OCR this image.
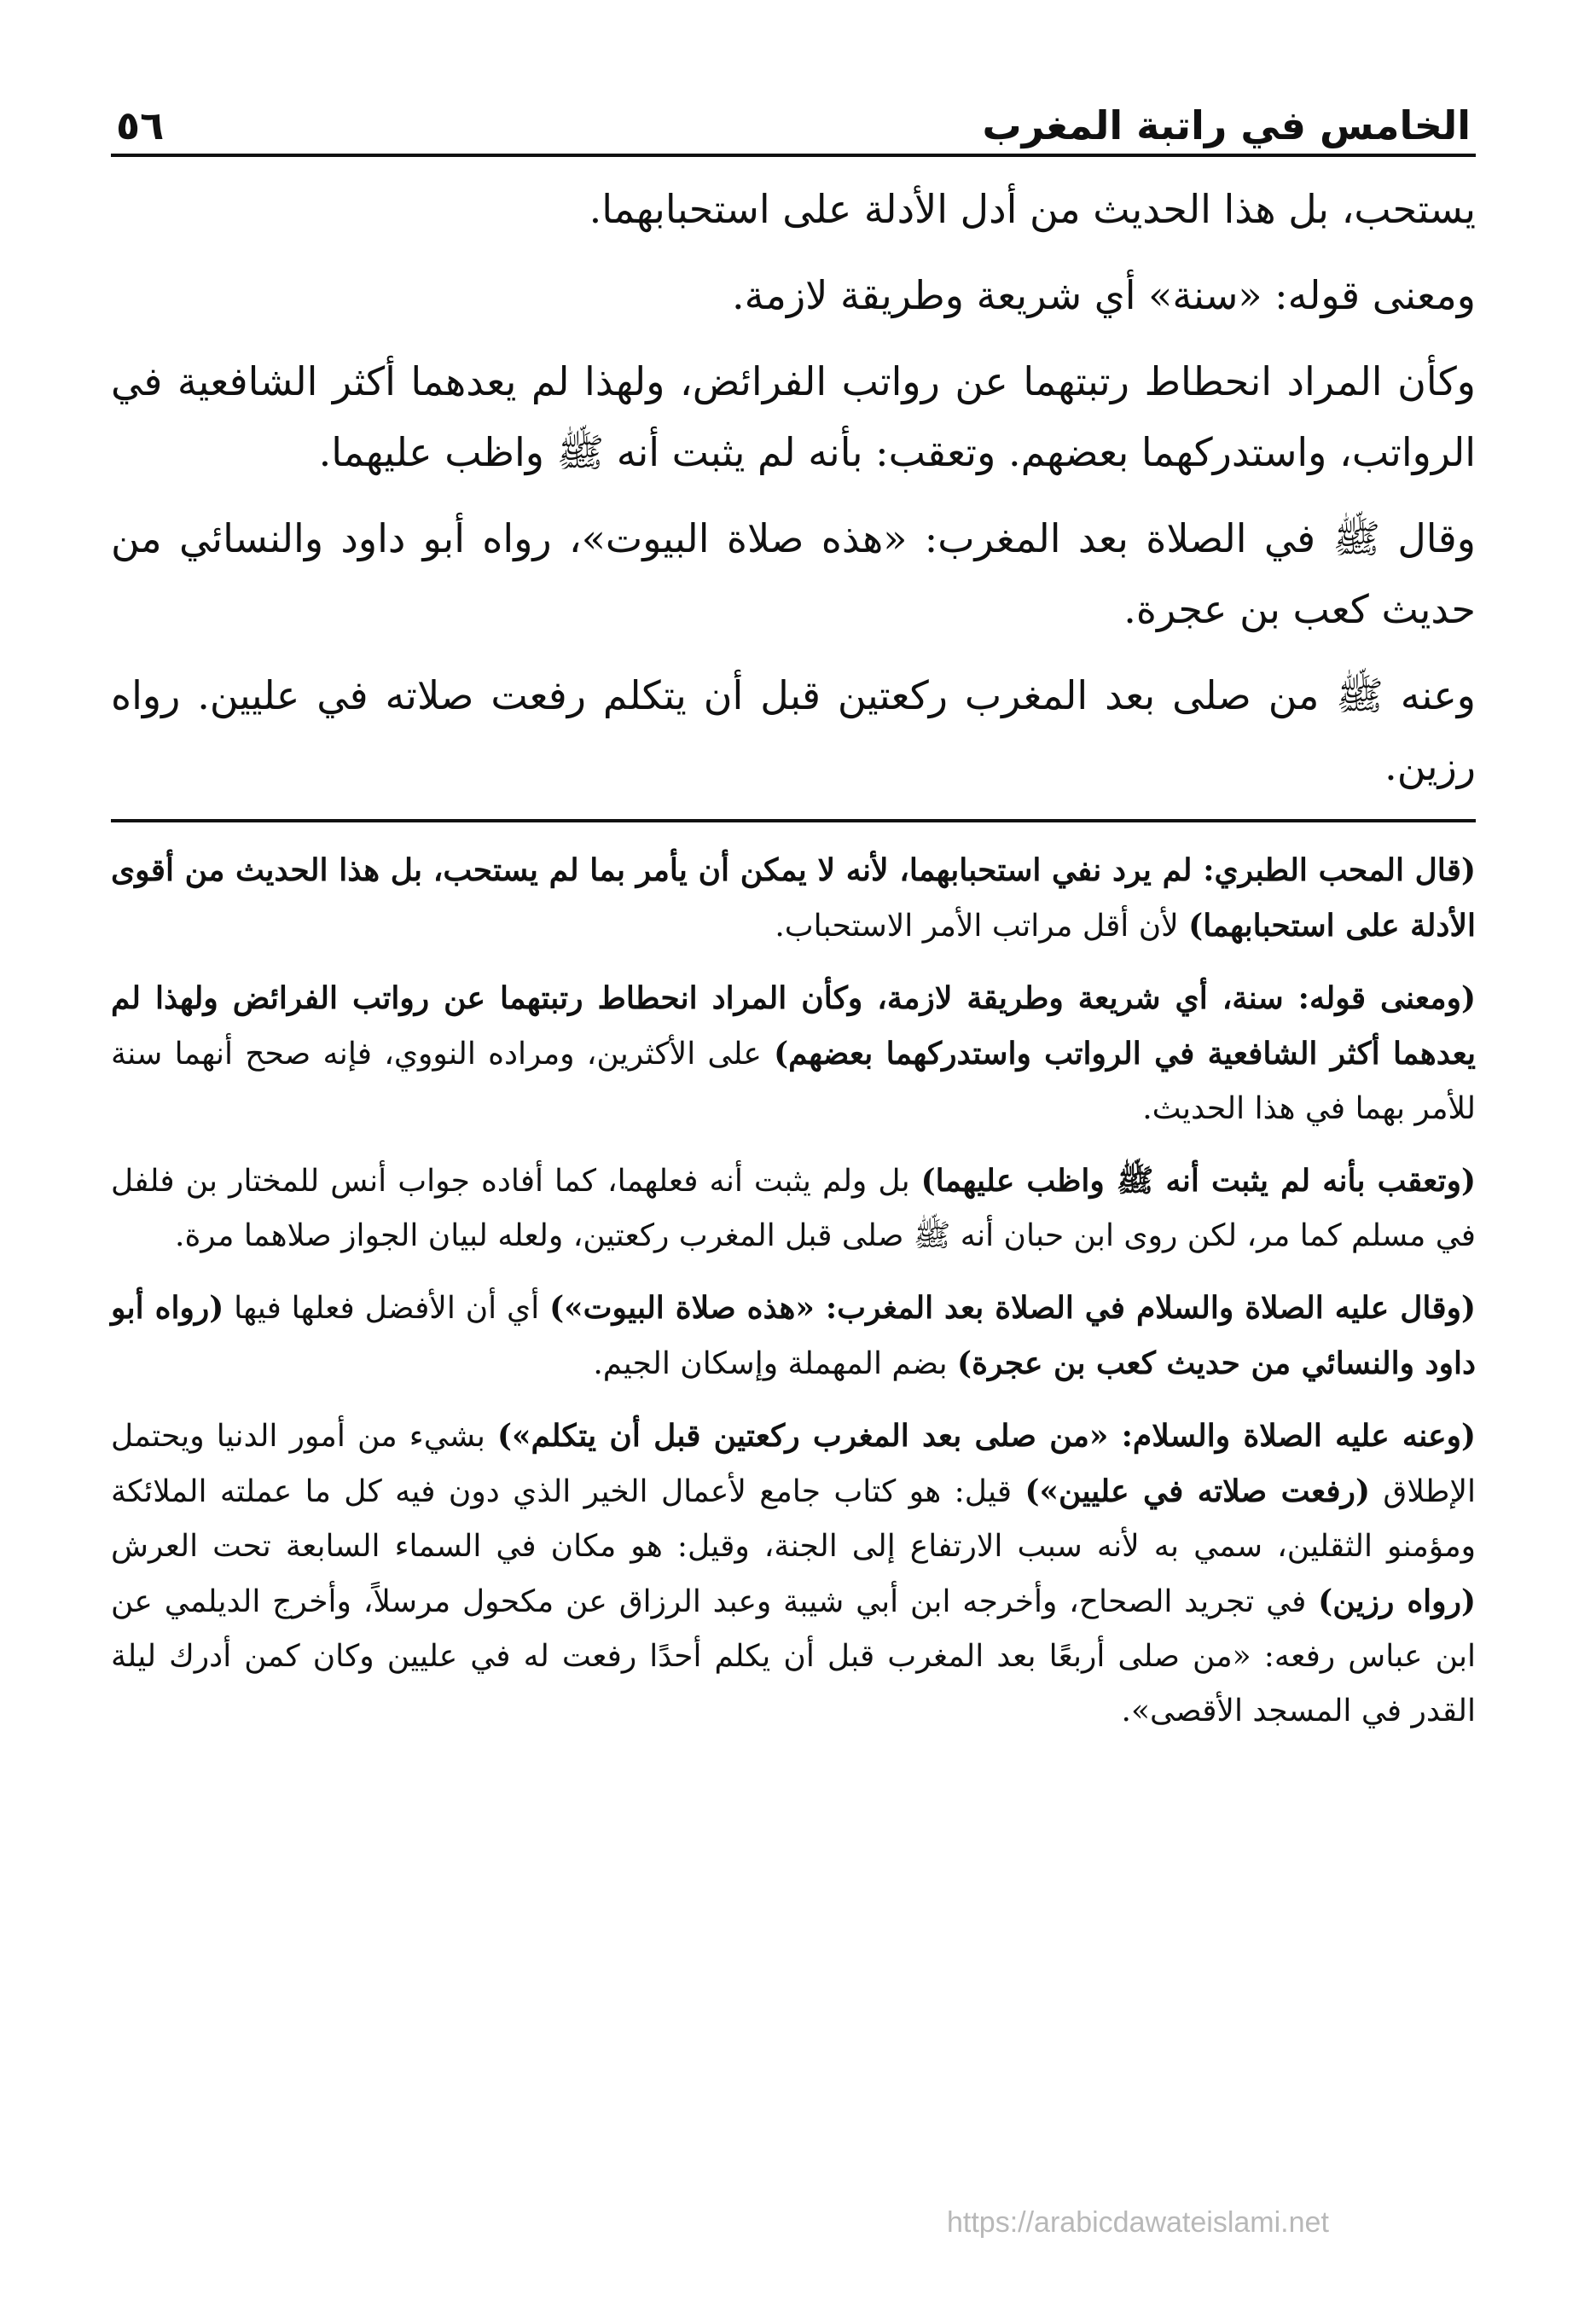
الخامس في راتبة المغرب
٥٦

يستحب، بل هذا الحديث من أدل الأدلة على استحبابهما.

ومعنى قوله: «سنة» أي شريعة وطريقة لازمة.

وكأن المراد انحطاط رتبتهما عن رواتب الفرائض، ولهذا لم يعدهما أكثر الشافعية في الرواتب، واستدركهما بعضهم. وتعقب: بأنه لم يثبت أنه ﷺ واظب عليهما.

وقال ﷺ في الصلاة بعد المغرب: «هذه صلاة البيوت»، رواه أبو داود والنسائي من حديث كعب بن عجرة.

وعنه ﷺ من صلى بعد المغرب ركعتين قبل أن يتكلم رفعت صلاته في عليين. رواه رزين.

(قال المحب الطبري: لم يرد نفي استحبابهما، لأنه لا يمكن أن يأمر بما لم يستحب، بل هذا الحديث من أقوى الأدلة على استحبابهما) لأن أقل مراتب الأمر الاستحباب.

(ومعنى قوله: سنة، أي شريعة وطريقة لازمة، وكأن المراد انحطاط رتبتهما عن رواتب الفرائض ولهذا لم يعدهما أكثر الشافعية في الرواتب واستدركهما بعضهم) على الأكثرين، ومراده النووي، فإنه صحح أنهما سنة للأمر بهما في هذا الحديث.

(وتعقب بأنه لم يثبت أنه ﷺ واظب عليهما) بل ولم يثبت أنه فعلهما، كما أفاده جواب أنس للمختار بن فلفل في مسلم كما مر، لكن روى ابن حبان أنه ﷺ صلى قبل المغرب ركعتين، ولعله لبيان الجواز صلاهما مرة.

(وقال عليه الصلاة والسلام في الصلاة بعد المغرب: «هذه صلاة البيوت») أي أن الأفضل فعلها فيها (رواه أبو داود والنسائي من حديث كعب بن عجرة) بضم المهملة وإسكان الجيم.

(وعنه عليه الصلاة والسلام: «من صلى بعد المغرب ركعتين قبل أن يتكلم») بشيء من أمور الدنيا ويحتمل الإطلاق (رفعت صلاته في عليين») قيل: هو كتاب جامع لأعمال الخير الذي دون فيه كل ما عملته الملائكة ومؤمنو الثقلين، سمي به لأنه سبب الارتفاع إلى الجنة، وقيل: هو مكان في السماء السابعة تحت العرش (رواه رزين) في تجريد الصحاح، وأخرجه ابن أبي شيبة وعبد الرزاق عن مكحول مرسلاً، وأخرج الديلمي عن ابن عباس رفعه: «من صلى أربعًا بعد المغرب قبل أن يكلم أحدًا رفعت له في عليين وكان كمن أدرك ليلة القدر في المسجد الأقصى».

https://arabicdawateislami.net
